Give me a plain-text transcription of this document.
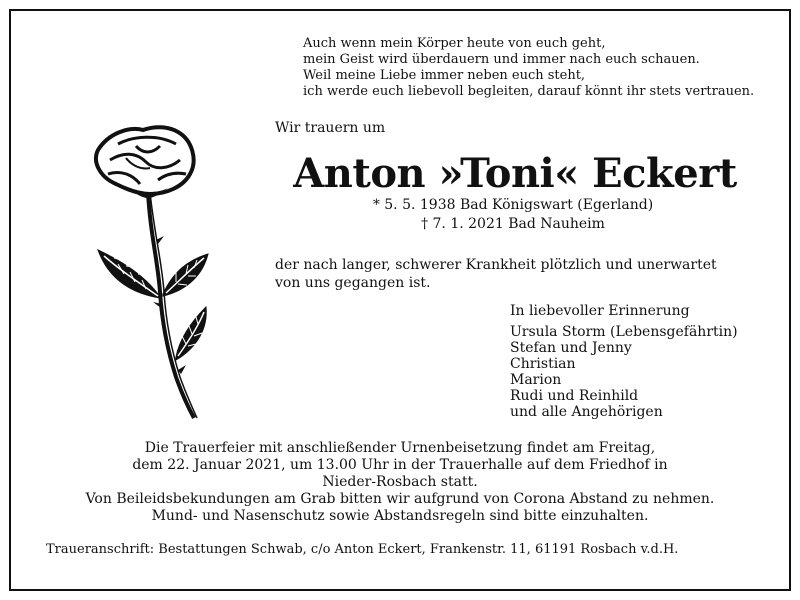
Auch wenn mein Körper heute von euch geht,
mein Geist wird überdauern und immer nach euch schauen.
Weil meine Liebe immer neben euch steht,
ich werde euch liebevoll begleiten, darauf könnt ihr stets vertrauen.
Wir trauern um
Anton »Toni« Eckert
* 5. 5. 1938 Bad Königswart (Egerland)
† 7. 1. 2021 Bad Nauheim
der nach langer, schwerer Krankheit plötzlich und unerwartet
von uns gegangen ist.
In liebevoller Erinnerung
Ursula Storm (Lebensgefährtin)
Stefan und Jenny
Christian
Marion
Rudi und Reinhild
und alle Angehörigen
Die Trauerfeier mit anschließender Urnenbeisetzung findet am Freitag,
dem 22. Januar 2021, um 13.00 Uhr in der Trauerhalle auf dem Friedhof in
Nieder-Rosbach statt.
Von Beileidsbekundungen am Grab bitten wir aufgrund von Corona Abstand zu nehmen.
Mund- und Nasenschutz sowie Abstandsregeln sind bitte einzuhalten.
Traueranschrift: Bestattungen Schwab, c/o Anton Eckert, Frankenstr. 11, 61191 Rosbach v.d.H.
